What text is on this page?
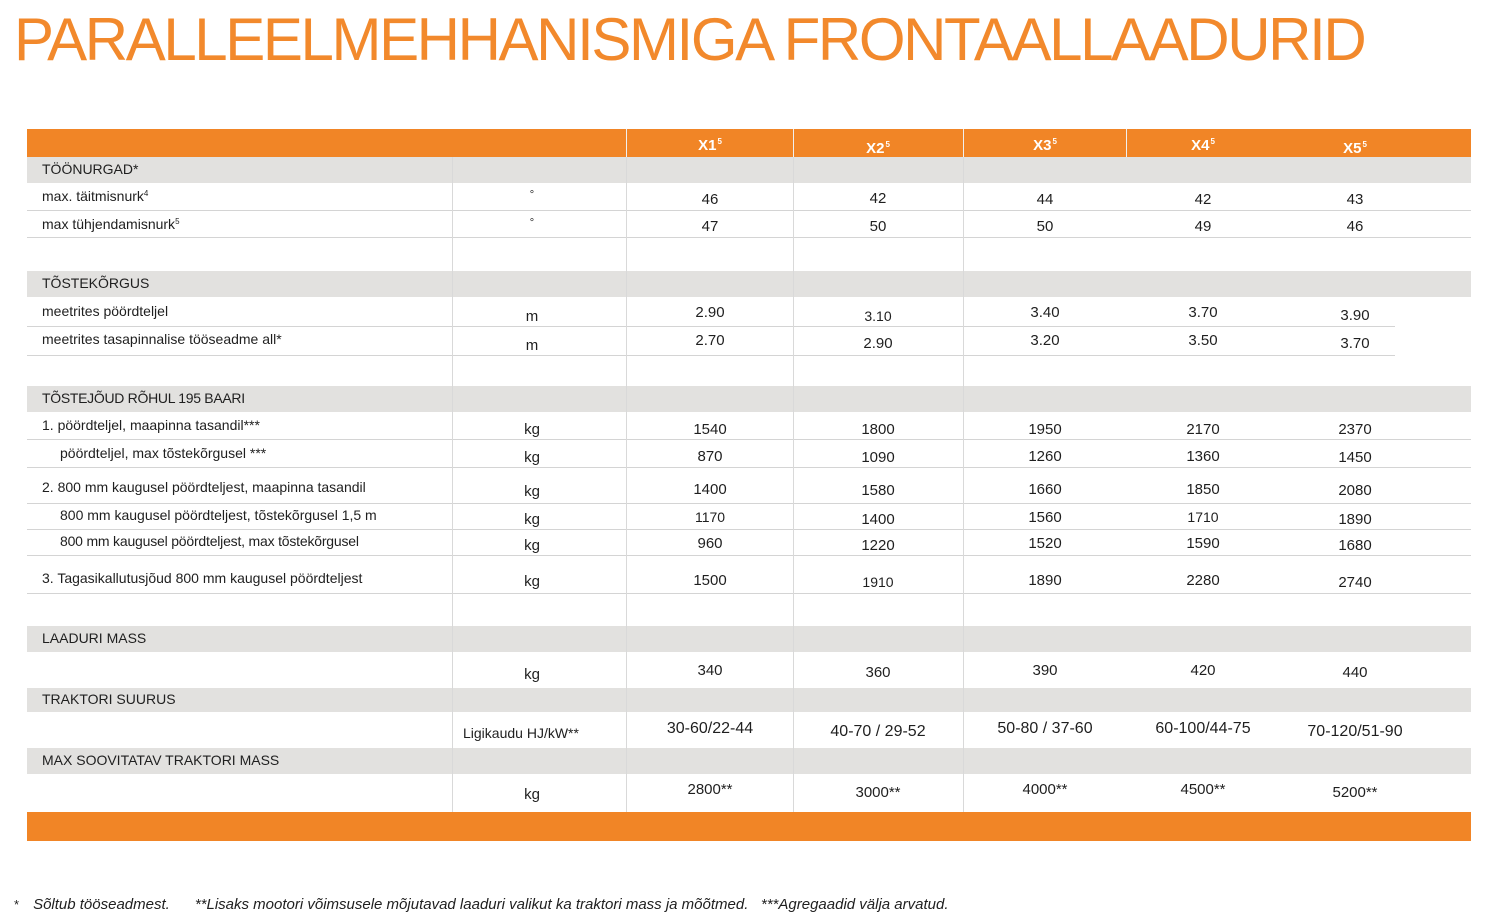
PARALLEELMEHHANISMIGA FRONTAALLAADURID
$X1^5$	$X2^5$	$X3^5$	$X4^5$	$X5^5$
TÖÖNURGAD*
max. täitmisnurk$^4$	°	46	42	44	42	43
max tühjendamisnurk$^5$	°	47	50	50	49	46
TÕSTEKÕRGUS
meetrites pöördteljel	m	2.90	3.10	3.40	3.70	3.90
meetrites tasapinnalise tööseadme all*	m	2.70	2.90	3.20	3.50	3.70
TÕSTEJÕUD RÕHUL 195 BAARI
1. pöördteljel, maapinna tasandil***	kg	1540	1800	1950	2170	2370
pöördteljel, max tõstekõrgusel ***	kg	870	1090	1260	1360	1450
2. 800 mm kaugusel pöördteljest, maapinna tasandil	kg	1400	1580	1660	1850	2080
800 mm kaugusel pöördteljest, tõstekõrgusel 1,5 m	kg	1170	1400	1560	1710	1890
800 mm kaugusel pöördteljest, max tõstekõrgusel	kg	960	1220	1520	1590	1680
3. Tagasikallutusjõud 800 mm kaugusel pöördteljest	kg	1500	1910	1890	2280	2740
LAADURI MASS
kg	340	360	390	420	440
TRAKTORI SUURUS
Ligikaudu HJ/kW**	30-60/22-44	40-70 / 29-52	50-80 / 37-60	60-100/44-75	70-120/51-90
MAX SOOVITATAV TRAKTORI MASS
kg	2800**	3000**	4000**	4500**	5200**
* Sõltub tööseadmest.      **Lisaks mootori võimsusele mõjutavad laaduri valikut ka traktori mass ja mõõtmed.   ***Agregaadid välja arvatud.
